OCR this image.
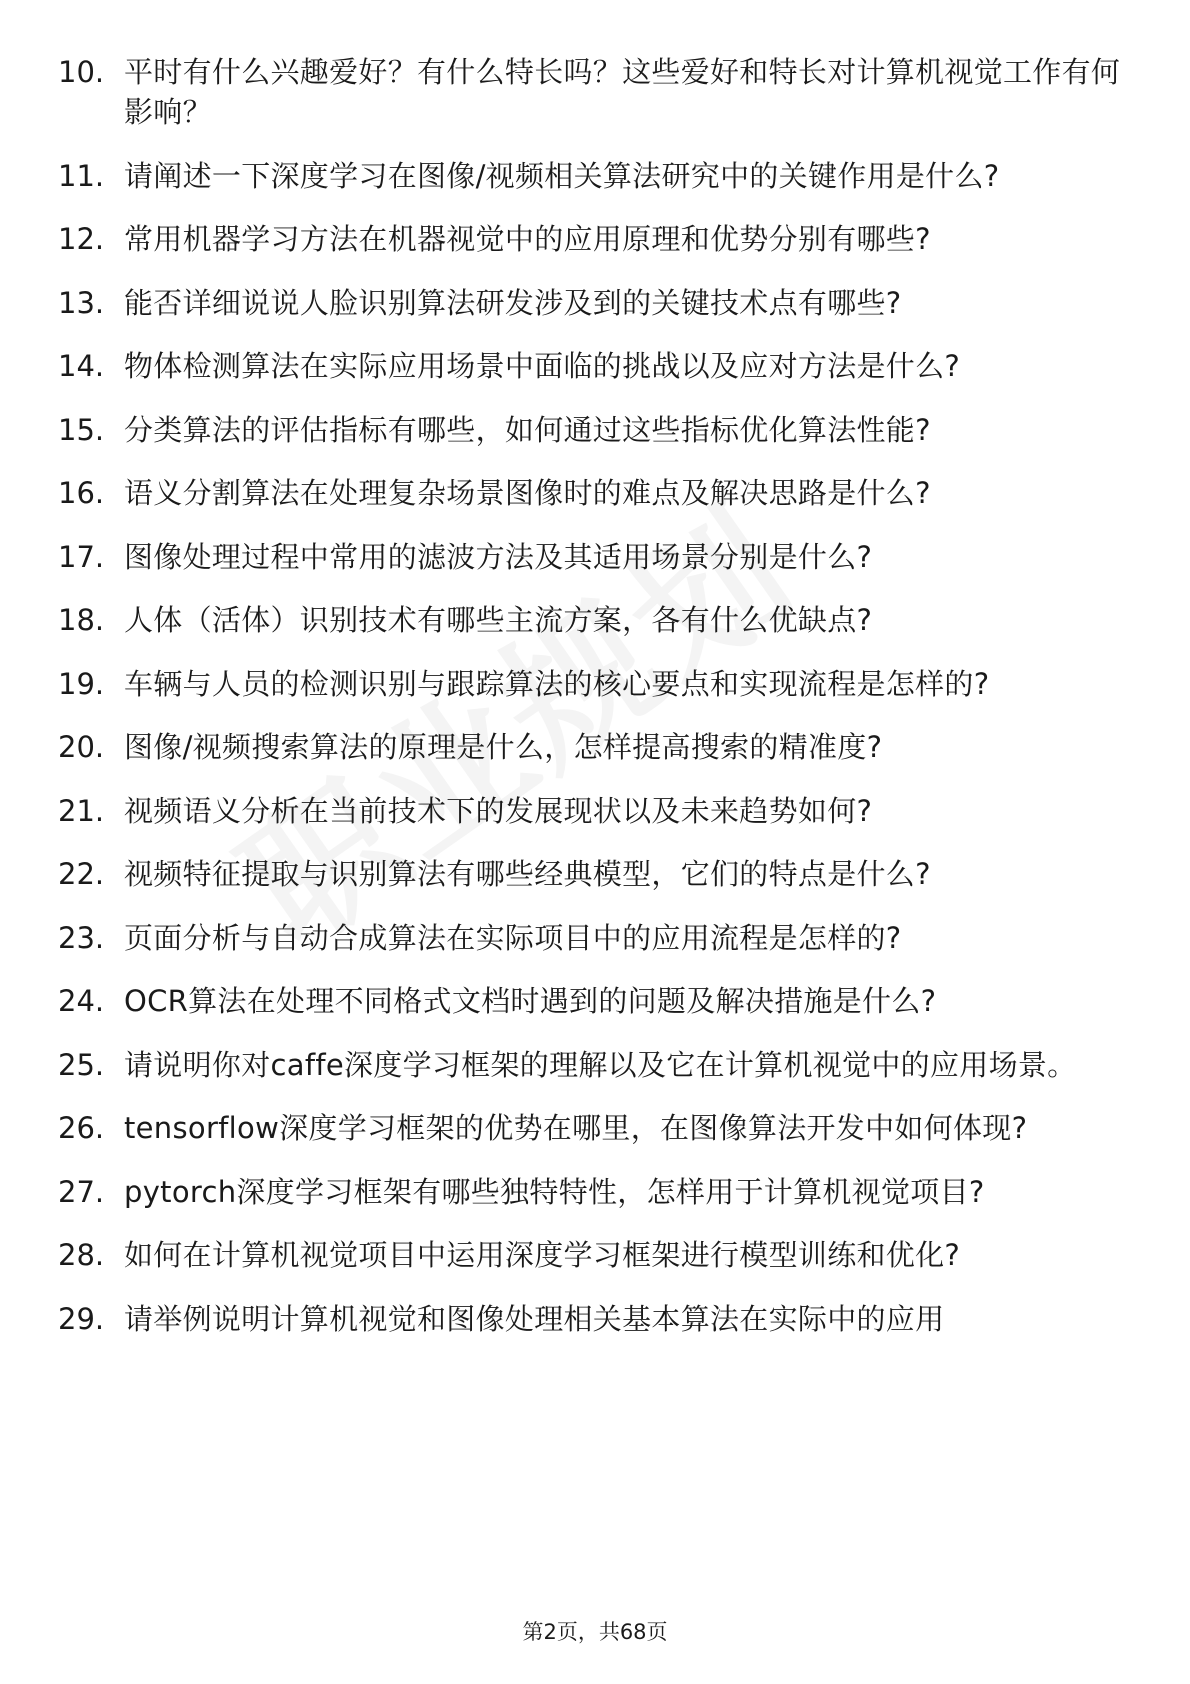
10. 平时有什么兴趣爱好？有什么特长吗？这些爱好和特长对计算机视觉工作有何影响？
11. 请阐述一下深度学习在图像/视频相关算法研究中的关键作用是什么?
12. 常用机器学习方法在机器视觉中的应用原理和优势分别有哪些?
13. 能否详细说说人脸识别算法研发涉及到的关键技术点有哪些?
14. 物体检测算法在实际应用场景中面临的挑战以及应对方法是什么?
15. 分类算法的评估指标有哪些，如何通过这些指标优化算法性能?
16. 语义分割算法在处理复杂场景图像时的难点及解决思路是什么?
17. 图像处理过程中常用的滤波方法及其适用场景分别是什么?
18. 人体（活体）识别技术有哪些主流方案，各有什么优缺点?
19. 车辆与人员的检测识别与跟踪算法的核心要点和实现流程是怎样的?
20. 图像/视频搜索算法的原理是什么，怎样提高搜索的精准度?
21. 视频语义分析在当前技术下的发展现状以及未来趋势如何?
22. 视频特征提取与识别算法有哪些经典模型，它们的特点是什么?
23. 页面分析与自动合成算法在实际项目中的应用流程是怎样的?
24. OCR算法在处理不同格式文档时遇到的问题及解决措施是什么?
25. 请说明你对caffe深度学习框架的理解以及它在计算机视觉中的应用场景。
26. tensorflow深度学习框架的优势在哪里，在图像算法开发中如何体现?
27. pytorch深度学习框架有哪些独特特性，怎样用于计算机视觉项目?
28. 如何在计算机视觉项目中运用深度学习框架进行模型训练和优化?
29. 请举例说明计算机视觉和图像处理相关基本算法在实际中的应用
第2页，共68页
